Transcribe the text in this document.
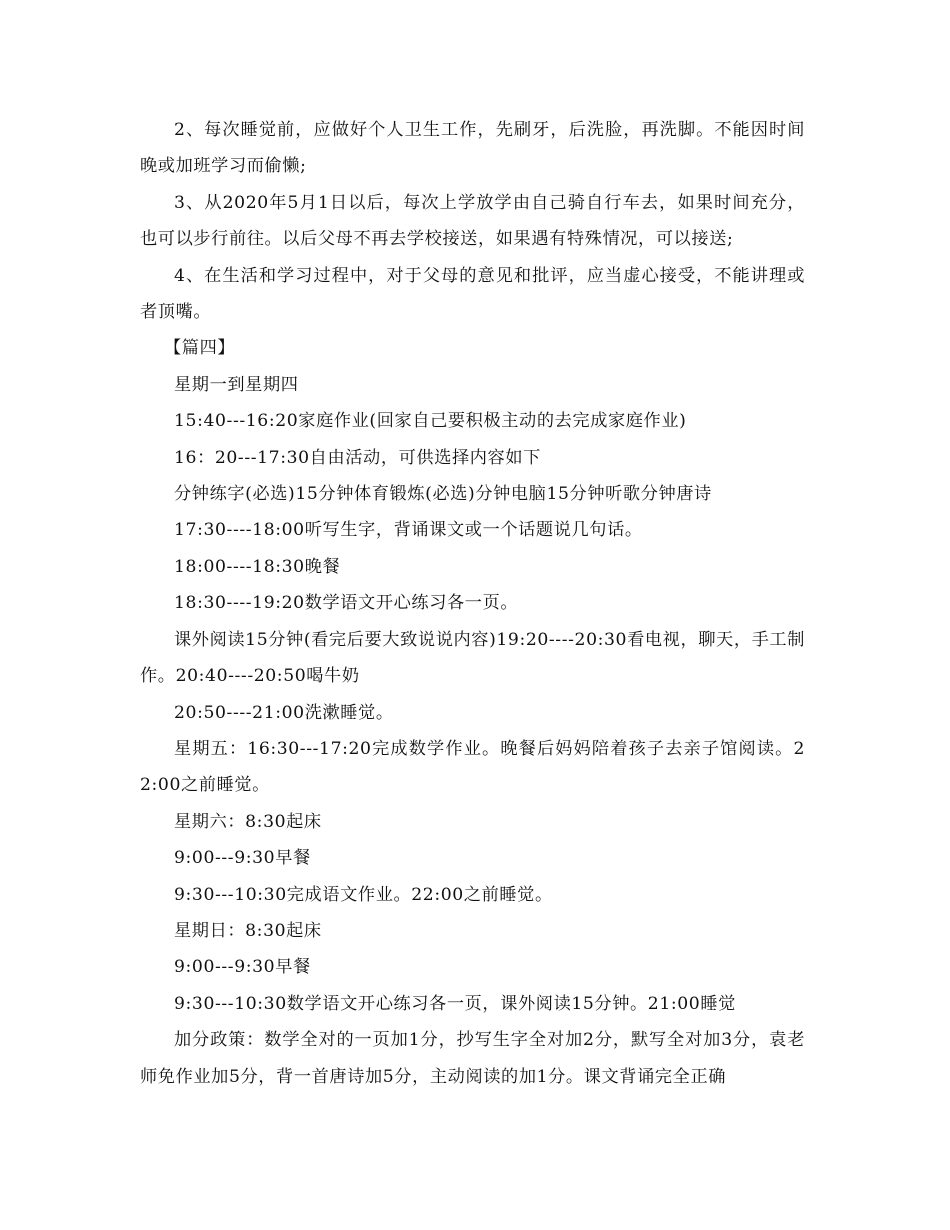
2、每次睡觉前，应做好个人卫生工作，先刷牙，后洗脸，再洗脚。不能因时间晚或加班学习而偷懒;

3、从2020年5月1日以后，每次上学放学由自己骑自行车去，如果时间充分，也可以步行前往。以后父母不再去学校接送，如果遇有特殊情况，可以接送;

4、在生活和学习过程中，对于父母的意见和批评，应当虚心接受，不能讲理或者顶嘴。

【篇四】

星期一到星期四

15:40---16:20家庭作业(回家自己要积极主动的去完成家庭作业)

16：20---17:30自由活动，可供选择内容如下

分钟练字(必选)15分钟体育锻炼(必选)分钟电脑15分钟听歌分钟唐诗

17:30----18:00听写生字，背诵课文或一个话题说几句话。

18:00----18:30晚餐

18:30----19:20数学语文开心练习各一页。

课外阅读15分钟(看完后要大致说说内容)19:20----20:30看电视，聊天，手工制作。20:40----20:50喝牛奶

20:50----21:00洗漱睡觉。

星期五：16:30---17:20完成数学作业。晚餐后妈妈陪着孩子去亲子馆阅读。22:00之前睡觉。

星期六：8:30起床

9:00---9:30早餐

9:30---10:30完成语文作业。22:00之前睡觉。

星期日：8:30起床

9:00---9:30早餐

9:30---10:30数学语文开心练习各一页，课外阅读15分钟。21:00睡觉

加分政策：数学全对的一页加1分，抄写生字全对加2分，默写全对加3分，袁老师免作业加5分，背一首唐诗加5分，主动阅读的加1分。课文背诵完全正确
